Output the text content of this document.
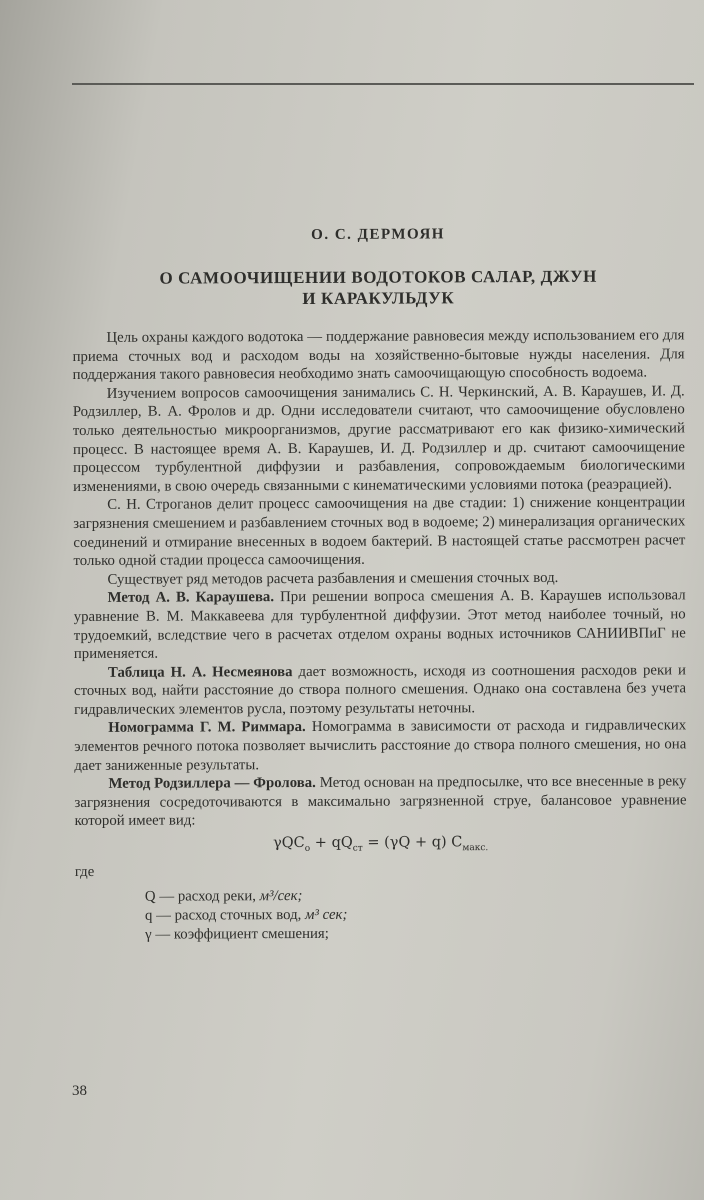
О. С. ДЕРМОЯН
О САМООЧИЩЕНИИ ВОДОТОКОВ САЛАР, ДЖУН
И КАРАКУЛЬДУК

Цель охраны каждого водотока — поддержание равновесия между использованием его для приема сточных вод и расходом воды на хозяйственно-бытовые нужды населения. Для поддержания такого равновесия необходимо знать самоочищающую способность водоема.

Изучением вопросов самоочищения занимались С. Н. Черкинский, А. В. Караушев, И. Д. Родзиллер, В. А. Фролов и др. Одни исследователи считают, что самоочищение обусловлено только деятельностью микроорганизмов, другие рассматривают его как физико-химический процесс. В настоящее время А. В. Караушев, И. Д. Родзиллер и др. считают самоочищение процессом турбулентной диффузии и разбавления, сопровождаемым биологическими изменениями, в свою очередь связанными с кинематическими условиями потока (реаэрацией).

С. Н. Строганов делит процесс самоочищения на две стадии: 1) снижение концентрации загрязнения смешением и разбавлением сточных вод в водоеме; 2) минерализация органических соединений и отмирание внесенных в водоем бактерий. В настоящей статье рассмотрен расчет только одной стадии процесса самоочищения.

Существует ряд методов расчета разбавления и смешения сточных вод.

Метод А. В. Караушева. При решении вопроса смешения А. В. Караушев использовал уравнение В. М. Маккавеева для турбулентной диффузии. Этот метод наиболее точный, но трудоемкий, вследствие чего в расчетах отделом охраны водных источников САНИИВПиГ не применяется.

Таблица Н. А. Несмеянова дает возможность, исходя из соотношения расходов реки и сточных вод, найти расстояние до створа полного смешения. Однако она составлена без учета гидравлических элементов русла, поэтому результаты неточны.

Номограмма Г. М. Риммара. Номограмма в зависимости от расхода и гидравлических элементов речного потока позволяет вычислить расстояние до створа полного смешения, но она дает заниженные результаты.

Метод Родзиллера — Фролова. Метод основан на предпосылке, что все внесенные в реку загрязнения сосредоточиваются в максимально загрязненной струе, балансовое уравнение которой имеет вид:

$\gamma QC_о + qQ_{ст} = (\gamma Q + q)$ $C_{макс.}$
где
Q — расход реки, м³/сек;
q — расход сточных вод, м³ сек;
γ — коэффициент смешения;
38
